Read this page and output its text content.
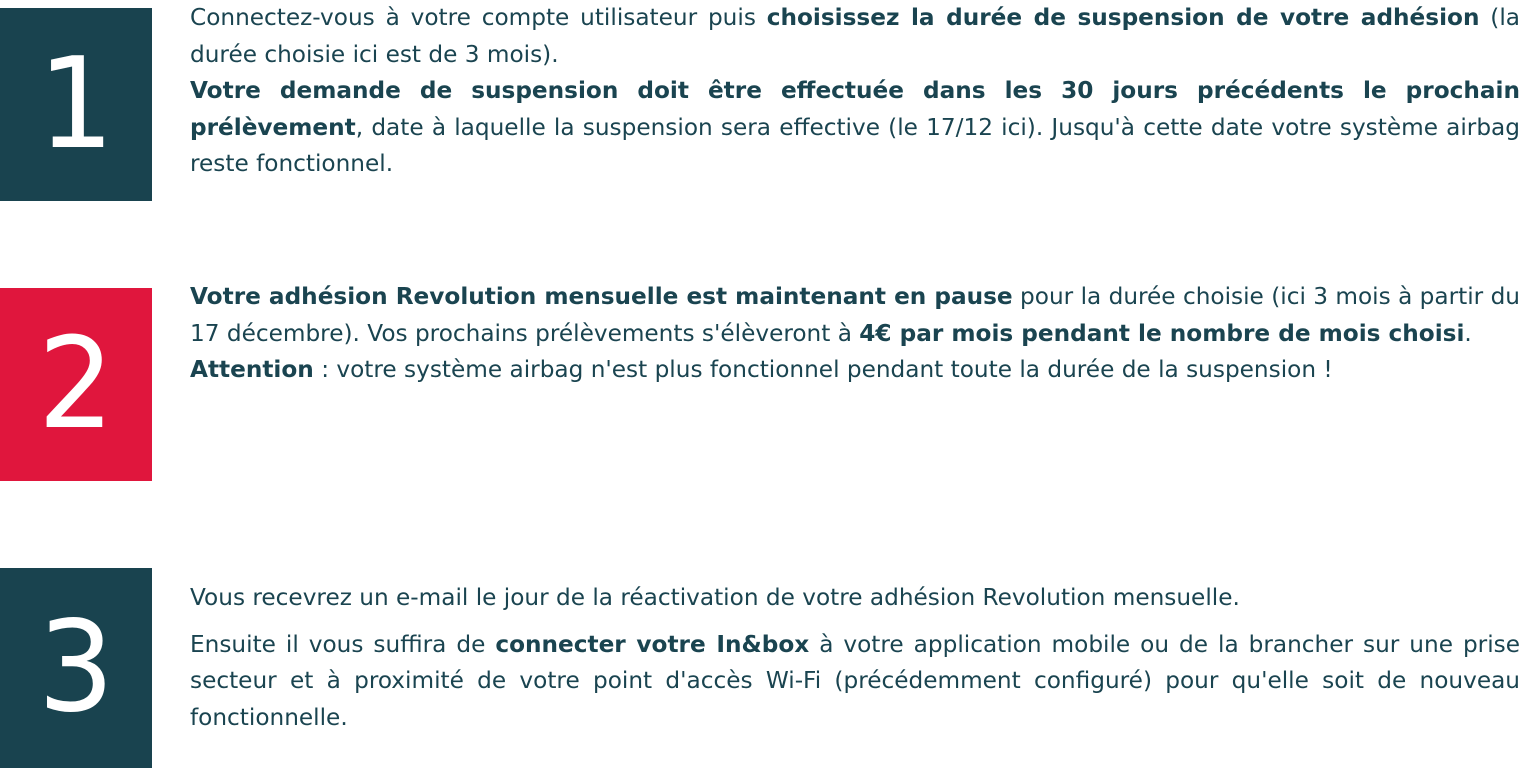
1

Connectez-vous à votre compte utilisateur puis choisissez la durée de suspension de votre adhésion (la durée choisie ici est de 3 mois).

Votre demande de suspension doit être effectuée dans les 30 jours précédents le prochain prélèvement, date à laquelle la suspension sera effective (le 17/12 ici). Jusqu'à cette date votre système airbag reste fonctionnel.

2

Votre adhésion Revolution mensuelle est maintenant en pause pour la durée choisie (ici 3 mois à partir du 17 décembre). Vos prochains prélèvements s'élèveront à 4€ par mois pendant le nombre de mois choisi.

Attention : votre système airbag n'est plus fonctionnel pendant toute la durée de la suspension !

3	Vous recevrez un e-mail le jour de la réactivation de votre adhésion Revolution mensuelle.

Ensuite il vous suffira de connecter votre In&box à votre application mobile ou de la brancher sur une prise secteur et à proximité de votre point d'accès Wi-Fi (précédemment configuré) pour qu'elle soit de nouveau fonctionnelle.
